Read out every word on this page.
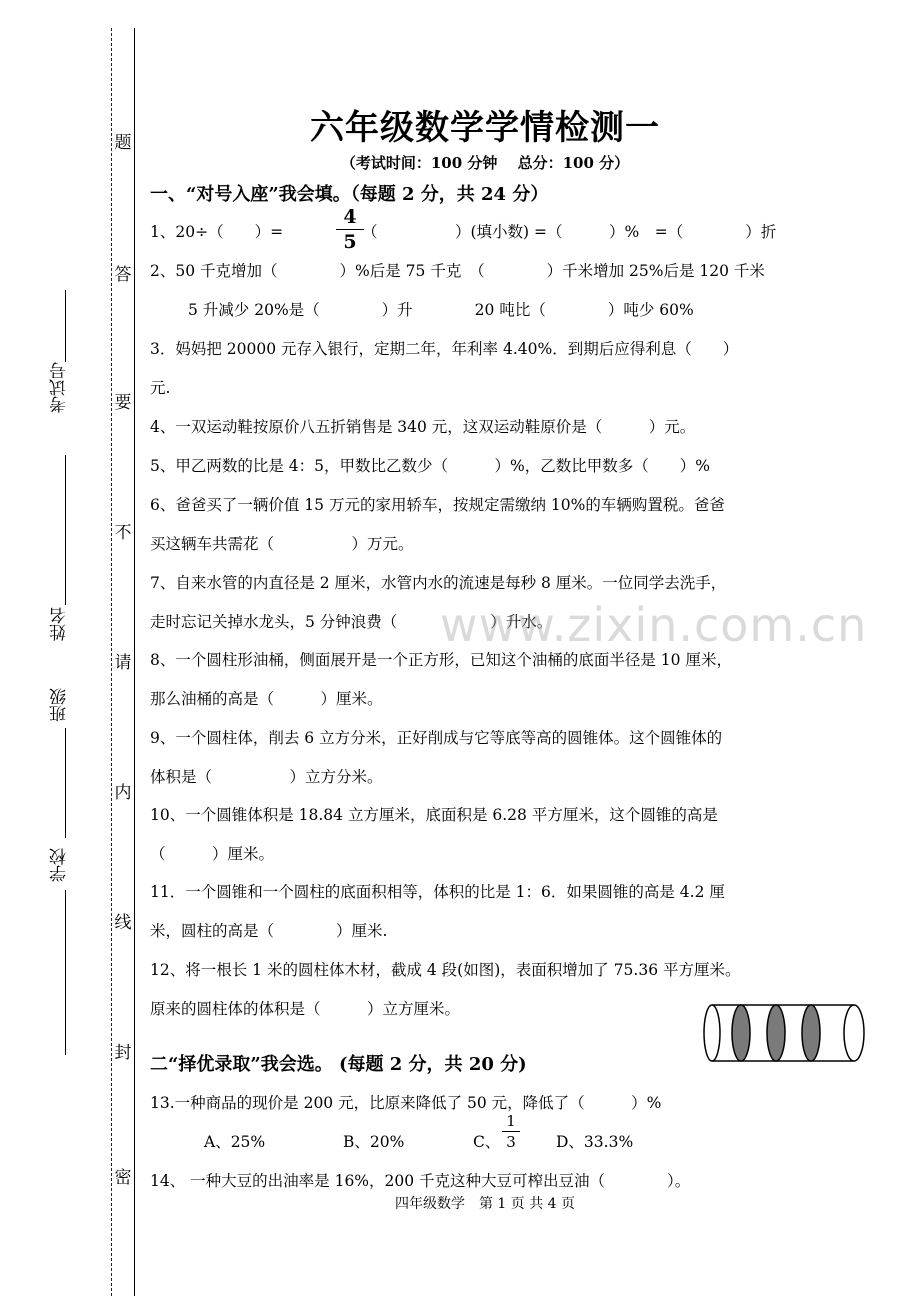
题
答
要
不
请
内
线
封
密
考试号
姓名
班级
学校
六年级数学学情检测一
（考试时间：100 分钟　 总分：100 分）
一、“对号入座”我会填。（每题 2 分，共 24 分）
1、20÷（　　）=
4
5 （　　　　　）(填小数) =（　　　）%　=（　　　　）折
2、50 千克增加（　　　　）%后是 75 千克　（　　　　）千米增加 25%后是 120 千米
5 升减少 20%是（　　　　）升　　　　20 吨比（　　　　）吨少 60%
3．妈妈把 20000 元存入银行，定期二年，年利率 4.40%．到期后应得利息（　　）
元.
4、一双运动鞋按原价八五折销售是 340 元，这双运动鞋原价是（　　　）元。
5、甲乙两数的比是 4：5，甲数比乙数少（　　　）%，乙数比甲数多（　　）%
6、爸爸买了一辆价值 15 万元的家用轿车，按规定需缴纳 10%的车辆购置税。爸爸
买这辆车共需花（　　　　　）万元。
7、自来水管的内直径是 2 厘米，水管内水的流速是每秒 8 厘米。一位同学去洗手，
走时忘记关掉水龙头，5 分钟浪费（　　　　　　）升水。
8、一个圆柱形油桶，侧面展开是一个正方形，已知这个油桶的底面半径是 10 厘米，
那么油桶的高是（　　　）厘米。
9、一个圆柱体，削去 6 立方分米，正好削成与它等底等高的圆锥体。这个圆锥体的
体积是（　　　　　）立方分米。
10、一个圆锥体积是 18.84 立方厘米，底面积是 6.28 平方厘米，这个圆锥的高是
（　　　）厘米。
11．一个圆锥和一个圆柱的底面积相等，体积的比是 1：6．如果圆锥的高是 4.2 厘
米，圆柱的高是（　　　　）厘米.
12、将一根长 1 米的圆柱体木材，截成 4 段(如图)，表面积增加了 75.36 平方厘米。
原来的圆柱体的体积是（　　　）立方厘米。
二“择优录取”我会选。 (每题 2 分，共 20 分)
13.一种商品的现价是 200 元，比原来降低了 50 元，降低了（　　　）%
A、25%	B、20%	C、
1
3	D、33.3%
14、 一种大豆的出油率是 16%，200 千克这种大豆可榨出豆油（　　　　）。
四年级数学　第 1 页 共 4 页
www.zixin.com.cn
